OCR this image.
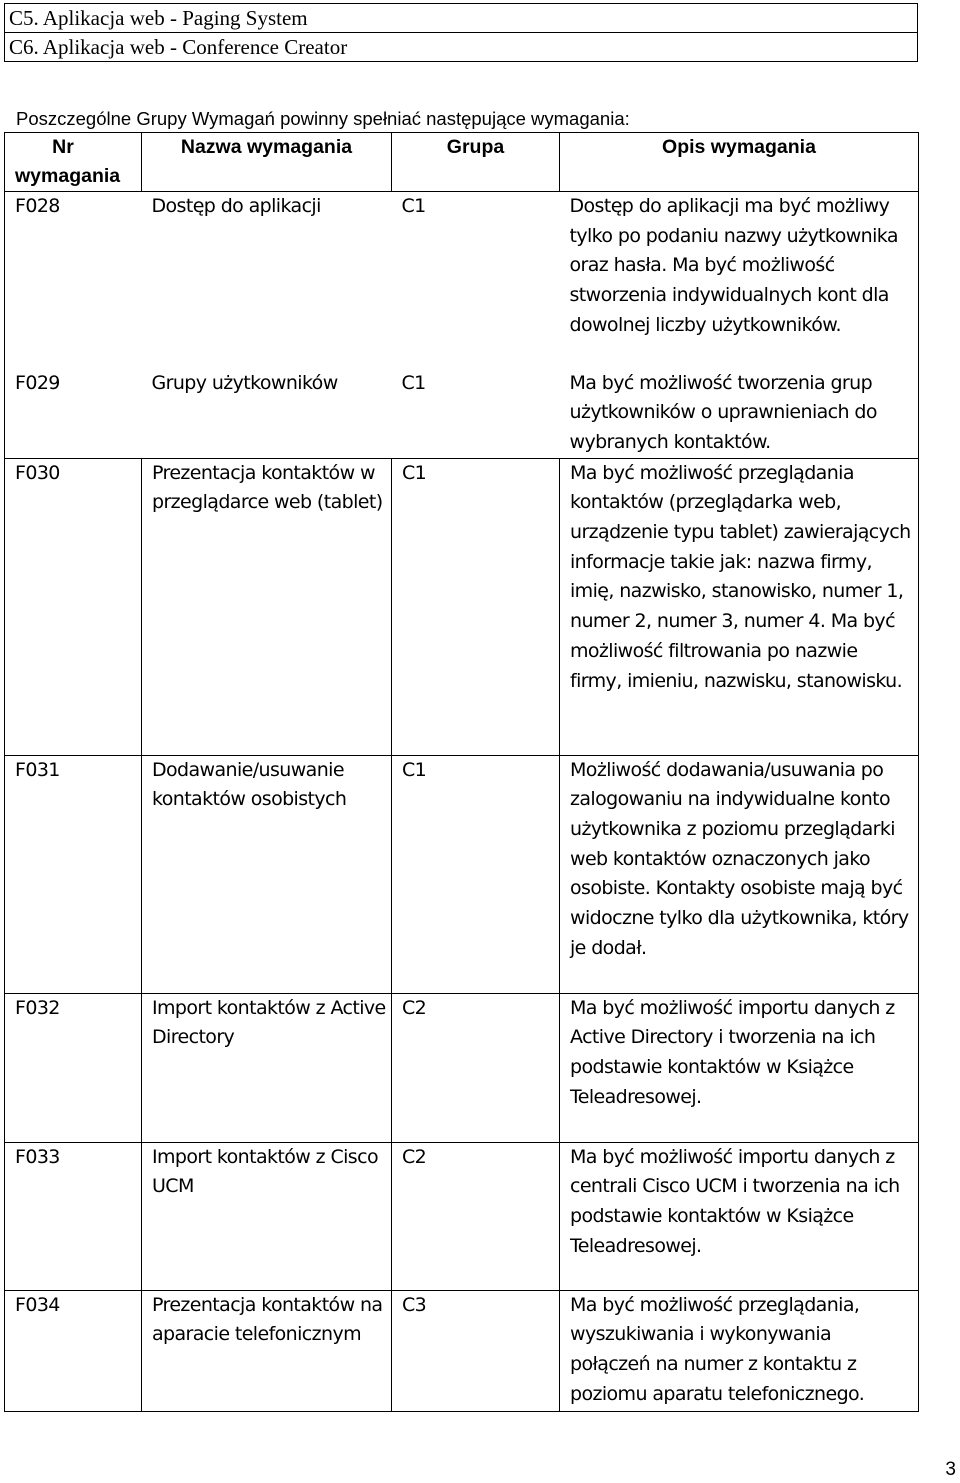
C5. Aplikacja web - Paging System
C6. Aplikacja web - Conference Creator
Poszczególne Grupy Wymagań powinny spełniać następujące wymagania:
Nr
wymagania	Nazwa wymagania	Grupa	Opis wymagania
F028	Dostęp do aplikacji	C1	Dostęp do aplikacji ma być możliwy tylko po podaniu nazwy użytkownika oraz hasła. Ma być możliwość stworzenia indywidualnych kont dla dowolnej liczby użytkowników.
F029	Grupy użytkowników	C1	Ma być możliwość tworzenia grup użytkowników o uprawnieniach do wybranych kontaktów.
F030	Prezentacja kontaktów w przeglądarce web (tablet)	C1	Ma być możliwość przeglądania kontaktów (przeglądarka web, urządzenie typu tablet) zawierających informacje takie jak: nazwa firmy, imię, nazwisko, stanowisko, numer 1, numer 2, numer 3, numer 4. Ma być możliwość filtrowania po nazwie firmy, imieniu, nazwisku, stanowisku.
F031	Dodawanie/usuwanie kontaktów osobistych	C1	Możliwość dodawania/usuwania po zalogowaniu na indywidualne konto użytkownika z poziomu przeglądarki web kontaktów oznaczonych jako osobiste. Kontakty osobiste mają być widoczne tylko dla użytkownika, który je dodał.
F032	Import kontaktów z Active Directory	C2	Ma być możliwość importu danych z Active Directory i tworzenia na ich podstawie kontaktów w Książce Teleadresowej.
F033	Import kontaktów z Cisco UCM	C2	Ma być możliwość importu danych z centrali Cisco UCM i tworzenia na ich podstawie kontaktów w Książce Teleadresowej.
F034	Prezentacja kontaktów na aparacie telefonicznym	C3	Ma być możliwość przeglądania, wyszukiwania i wykonywania połączeń na numer z kontaktu z poziomu aparatu telefonicznego.
3
